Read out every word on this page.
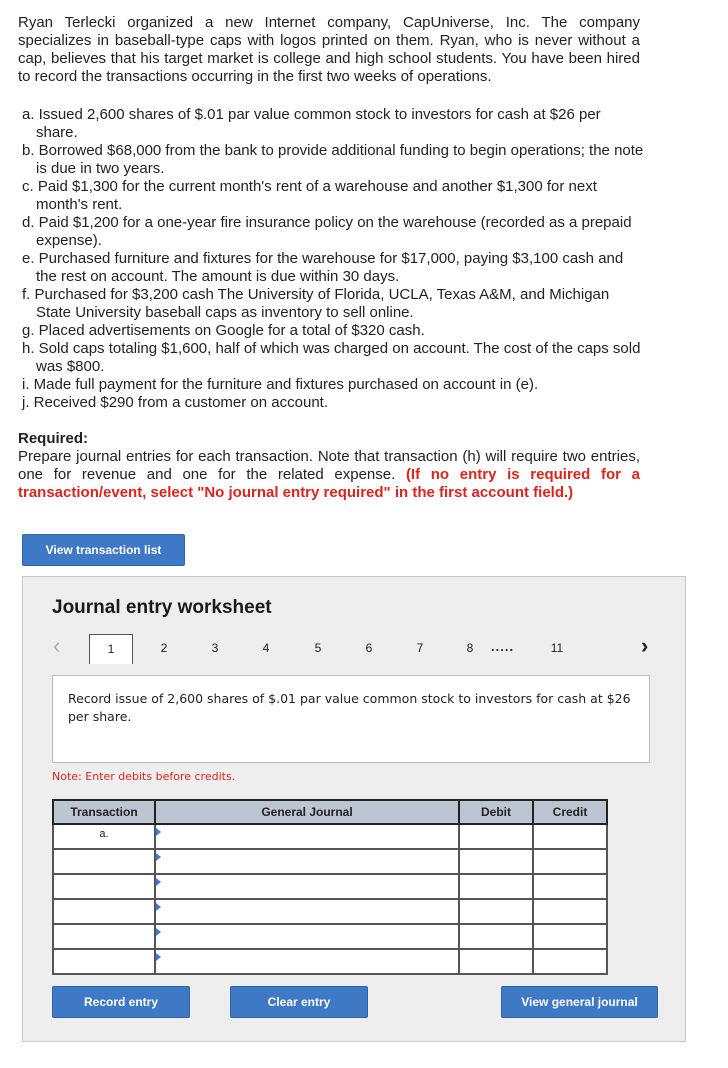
Ryan Terlecki organized a new Internet company, CapUniverse, Inc. The company specializes in baseball-type caps with logos printed on them. Ryan, who is never without a cap, believes that his target market is college and high school students. You have been hired to record the transactions occurring in the first two weeks of operations.

a. Issued 2,600 shares of $.01 par value common stock to investors for cash at $26 per share.
b. Borrowed $68,000 from the bank to provide additional funding to begin operations; the note is due in two years.
c. Paid $1,300 for the current month's rent of a warehouse and another $1,300 for next month's rent.
d. Paid $1,200 for a one-year fire insurance policy on the warehouse (recorded as a prepaid expense).
e. Purchased furniture and fixtures for the warehouse for $17,000, paying $3,100 cash and the rest on account. The amount is due within 30 days.
f. Purchased for $3,200 cash The University of Florida, UCLA, Texas A&M, and Michigan State University baseball caps as inventory to sell online.
g. Placed advertisements on Google for a total of $320 cash.
h. Sold caps totaling $1,600, half of which was charged on account. The cost of the caps sold was $800.
i. Made full payment for the furniture and fixtures purchased on account in (e).
j. Received $290 from a customer on account.

Required:

Prepare journal entries for each transaction. Note that transaction (h) will require two entries, one for revenue and one for the related expense. (If no entry is required for a transaction/event, select "No journal entry required" in the first account field.)

View transaction list

Journal entry worksheet

‹	1	2	3	4	5	6	7	8	.....	11	›
Record issue of 2,600 shares of $.01 par value common stock to investors for cash at $26 per share.
Note: Enter debits before credits.
Transaction	General Journal	Debit	Credit
a.			

Record entry	Clear entry	View general journal
